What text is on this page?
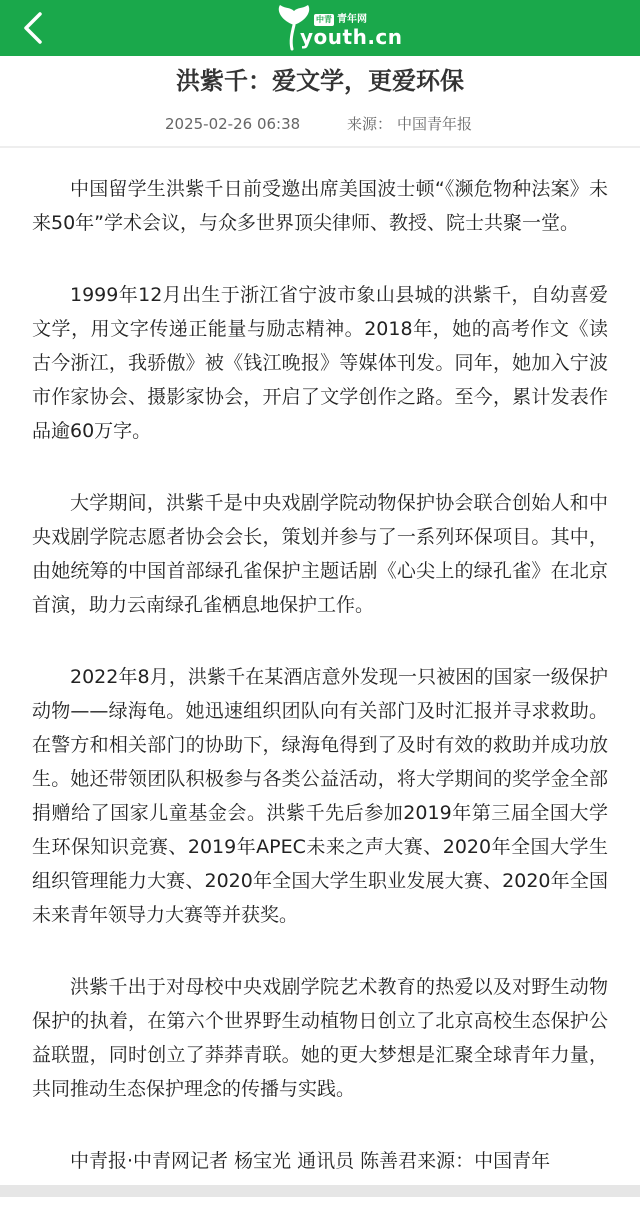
中青 青年网
youth.cn
洪紫千：爱文学，更爱环保
2025-02-26 06:38	来源： 中国青年报

中国留学生洪紫千日前受邀出席美国波士顿“《濒危物种法案》未来50年”学术会议，与众多世界顶尖律师、教授、院士共聚一堂。

1999年12月出生于浙江省宁波市象山县城的洪紫千，自幼喜爱文学，用文字传递正能量与励志精神。2018年，她的高考作文《读古今浙江，我骄傲》被《钱江晚报》等媒体刊发。同年，她加入宁波市作家协会、摄影家协会，开启了文学创作之路。至今，累计发表作品逾60万字。

大学期间，洪紫千是中央戏剧学院动物保护协会联合创始人和中央戏剧学院志愿者协会会长，策划并参与了一系列环保项目。其中，由她统筹的中国首部绿孔雀保护主题话剧《心尖上的绿孔雀》在北京首演，助力云南绿孔雀栖息地保护工作。

2022年8月，洪紫千在某酒店意外发现一只被困的国家一级保护动物——绿海龟。她迅速组织团队向有关部门及时汇报并寻求救助。在警方和相关部门的协助下，绿海龟得到了及时有效的救助并成功放生。她还带领团队积极参与各类公益活动，将大学期间的奖学金全部捐赠给了国家儿童基金会。洪紫千先后参加2019年第三届全国大学生环保知识竞赛、2019年APEC未来之声大赛、2020年全国大学生组织管理能力大赛、2020年全国大学生职业发展大赛、2020年全国未来青年领导力大赛等并获奖。

洪紫千出于对母校中央戏剧学院艺术教育的热爱以及对野生动物保护的执着，在第六个世界野生动植物日创立了北京高校生态保护公益联盟，同时创立了莽莽青联。她的更大梦想是汇聚全球青年力量，共同推动生态保护理念的传播与实践。

中青报·中青网记者 杨宝光 通讯员 陈善君来源：中国青年
